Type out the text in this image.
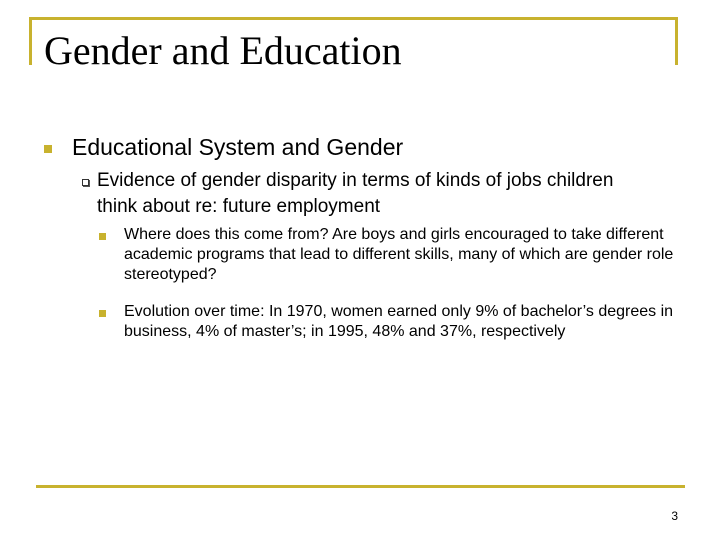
Gender and Education
Educational System and Gender
Evidence of gender disparity in terms of kinds of jobs children think about re: future employment
Where does this come from? Are boys and girls encouraged to take different academic programs that lead to different skills, many of which are gender role stereotyped?
Evolution over time: In 1970, women earned only 9% of bachelor’s degrees in business, 4% of master’s; in 1995, 48% and 37%, respectively
3
